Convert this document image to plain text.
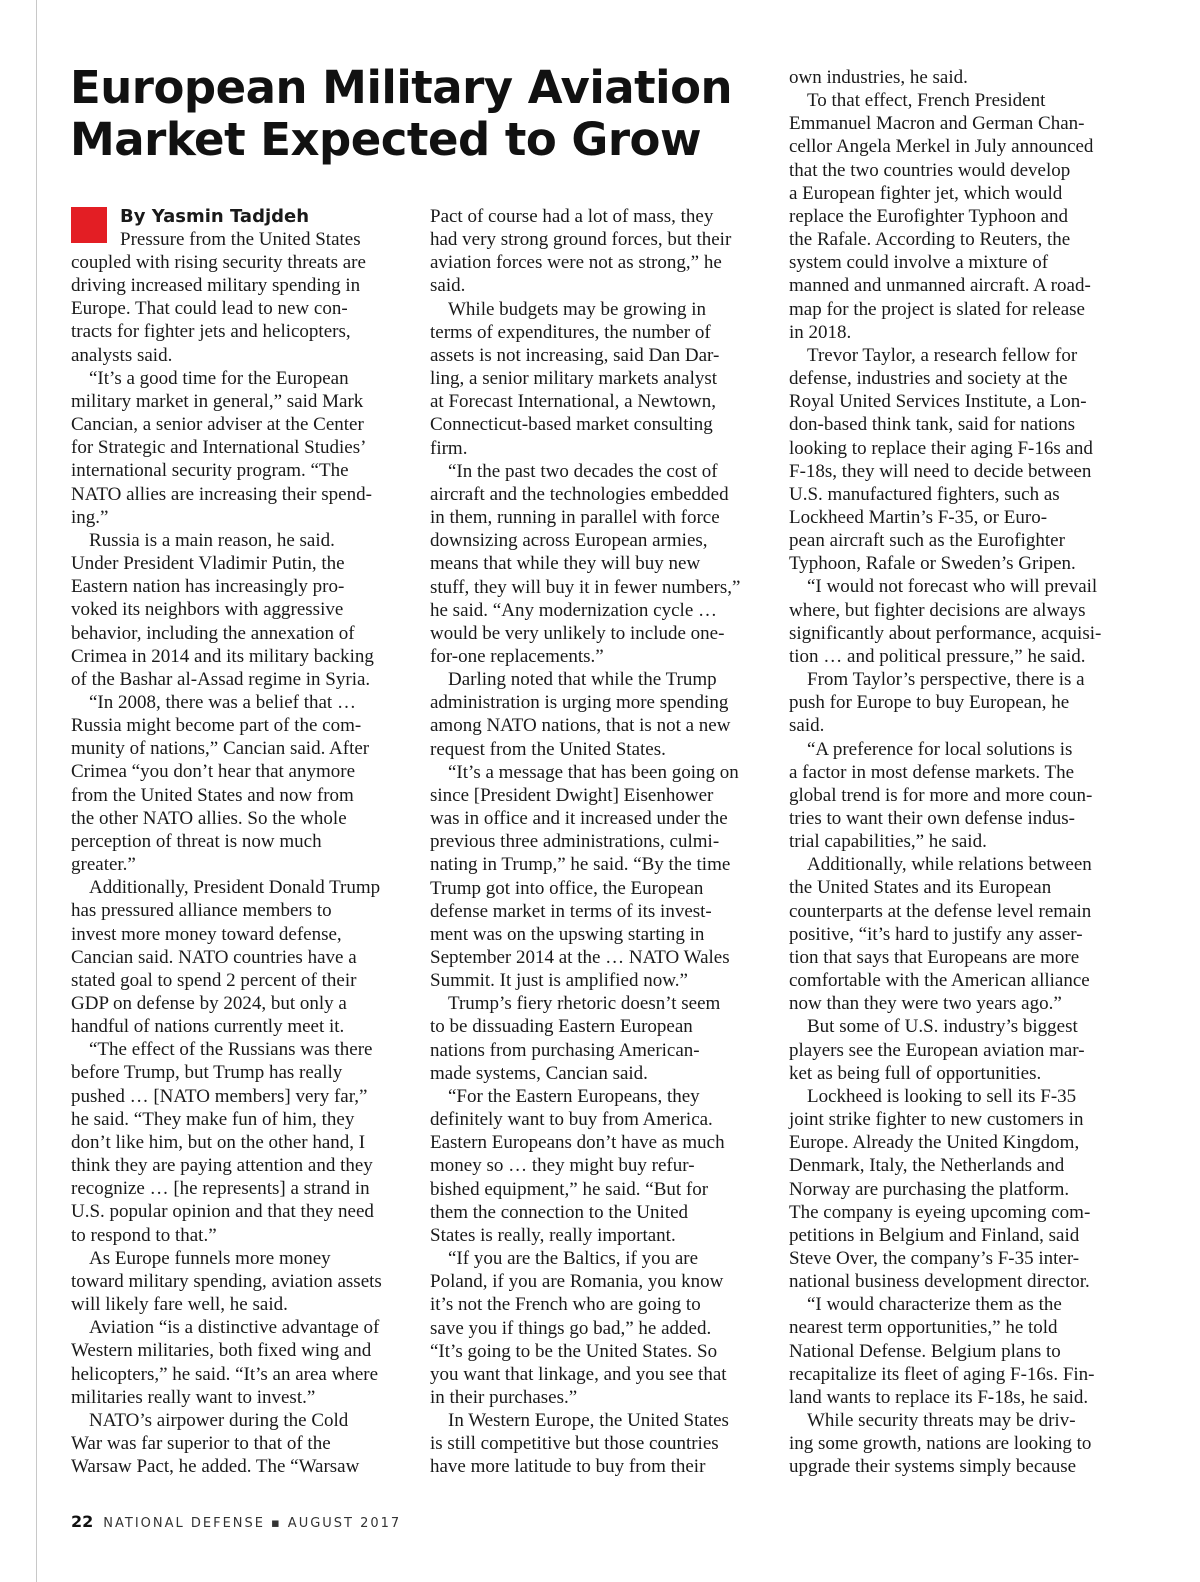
European Military Aviation
Market Expected to Grow
By Yasmin Tadjdeh
Pressure from the United States

coupled with rising security threats are

driving increased military spending in

Europe. That could lead to new con-

tracts for fighter jets and helicopters,

analysts said.

“It’s a good time for the European

military market in general,” said Mark

Cancian, a senior adviser at the Center

for Strategic and International Studies’

international security program. “The

NATO allies are increasing their spend-

ing.”

Russia is a main reason, he said.

Under President Vladimir Putin, the

Eastern nation has increasingly pro-

voked its neighbors with aggressive

behavior, including the annexation of

Crimea in 2014 and its military backing

of the Bashar al-Assad regime in Syria.

“In 2008, there was a belief that …

Russia might become part of the com-

munity of nations,” Cancian said. After

Crimea “you don’t hear that anymore

from the United States and now from

the other NATO allies. So the whole

perception of threat is now much

greater.”

Additionally, President Donald Trump

has pressured alliance members to

invest more money toward defense,

Cancian said. NATO countries have a

stated goal to spend 2 percent of their

GDP on defense by 2024, but only a

handful of nations currently meet it.

“The effect of the Russians was there

before Trump, but Trump has really

pushed … [NATO members] very far,”

he said. “They make fun of him, they

don’t like him, but on the other hand, I

think they are paying attention and they

recognize … [he represents] a strand in

U.S. popular opinion and that they need

to respond to that.”

As Europe funnels more money

toward military spending, aviation assets

will likely fare well, he said.

Aviation “is a distinctive advantage of

Western militaries, both fixed wing and

helicopters,” he said. “It’s an area where

militaries really want to invest.”

NATO’s airpower during the Cold

War was far superior to that of the

Warsaw Pact, he added. The “Warsaw

Pact of course had a lot of mass, they

had very strong ground forces, but their

aviation forces were not as strong,” he

said.

While budgets may be growing in

terms of expenditures, the number of

assets is not increasing, said Dan Dar-

ling, a senior military markets analyst

at Forecast International, a Newtown,

Connecticut-based market consulting

firm.

“In the past two decades the cost of

aircraft and the technologies embedded

in them, running in parallel with force

downsizing across European armies,

means that while they will buy new

stuff, they will buy it in fewer numbers,”

he said. “Any modernization cycle …

would be very unlikely to include one-

for-one replacements.”

Darling noted that while the Trump

administration is urging more spending

among NATO nations, that is not a new

request from the United States.

“It’s a message that has been going on

since [President Dwight] Eisenhower

was in office and it increased under the

previous three administrations, culmi-

nating in Trump,” he said. “By the time

Trump got into office, the European

defense market in terms of its invest-

ment was on the upswing starting in

September 2014 at the … NATO Wales

Summit. It just is amplified now.”

Trump’s fiery rhetoric doesn’t seem

to be dissuading Eastern European

nations from purchasing American-

made systems, Cancian said.

“For the Eastern Europeans, they

definitely want to buy from America.

Eastern Europeans don’t have as much

money so … they might buy refur-

bished equipment,” he said. “But for

them the connection to the United

States is really, really important.

“If you are the Baltics, if you are

Poland, if you are Romania, you know

it’s not the French who are going to

save you if things go bad,” he added.

“It’s going to be the United States. So

you want that linkage, and you see that

in their purchases.”

In Western Europe, the United States

is still competitive but those countries

have more latitude to buy from their

own industries, he said.

To that effect, French President

Emmanuel Macron and German Chan-

cellor Angela Merkel in July announced

that the two countries would develop

a European fighter jet, which would

replace the Eurofighter Typhoon and

the Rafale. According to Reuters, the

system could involve a mixture of

manned and unmanned aircraft. A road-

map for the project is slated for release

in 2018.

Trevor Taylor, a research fellow for

defense, industries and society at the

Royal United Services Institute, a Lon-

don-based think tank, said for nations

looking to replace their aging F-16s and

F-18s, they will need to decide between

U.S. manufactured fighters, such as

Lockheed Martin’s F-35, or Euro-

pean aircraft such as the Eurofighter

Typhoon, Rafale or Sweden’s Gripen.

“I would not forecast who will prevail

where, but fighter decisions are always

significantly about performance, acquisi-

tion … and political pressure,” he said.

From Taylor’s perspective, there is a

push for Europe to buy European, he

said.

“A preference for local solutions is

a factor in most defense markets. The

global trend is for more and more coun-

tries to want their own defense indus-

trial capabilities,” he said.

Additionally, while relations between

the United States and its European

counterparts at the defense level remain

positive, “it’s hard to justify any asser-

tion that says that Europeans are more

comfortable with the American alliance

now than they were two years ago.”

But some of U.S. industry’s biggest

players see the European aviation mar-

ket as being full of opportunities.

Lockheed is looking to sell its F-35

joint strike fighter to new customers in

Europe. Already the United Kingdom,

Denmark, Italy, the Netherlands and

Norway are purchasing the platform.

The company is eyeing upcoming com-

petitions in Belgium and Finland, said

Steve Over, the company’s F-35 inter-

national business development director.

“I would characterize them as the

nearest term opportunities,” he told

National Defense. Belgium plans to

recapitalize its fleet of aging F-16s. Fin-

land wants to replace its F-18s, he said.

While security threats may be driv-

ing some growth, nations are looking to

upgrade their systems simply because

22 NATIONAL DEFENSE ▪ AUGUST 2017
